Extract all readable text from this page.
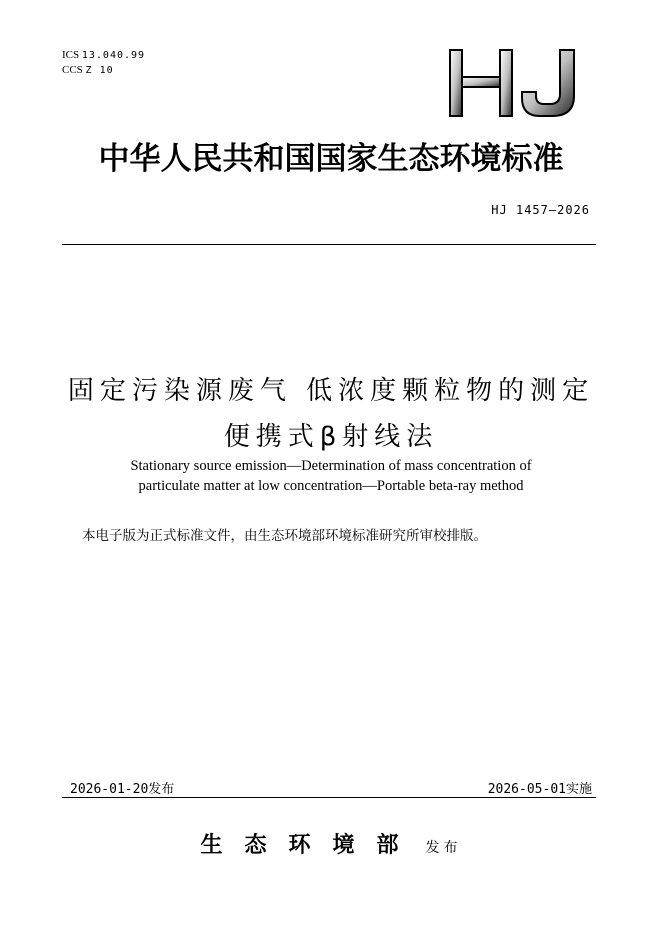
ICS 13.040.99
CCS Z 10
HJ
中华人民共和国国家生态环境标准
HJ 1457—2026
固定污染源废气 低浓度颗粒物的测定
便携式β射线法
Stationary source emission—Determination of mass concentration of
particulate matter at low concentration—Portable beta-ray method
本电子版为正式标准文件，由生态环境部环境标准研究所审校排版。
2026-01-20发布	2026-05-01实施
生态环境部 发布
